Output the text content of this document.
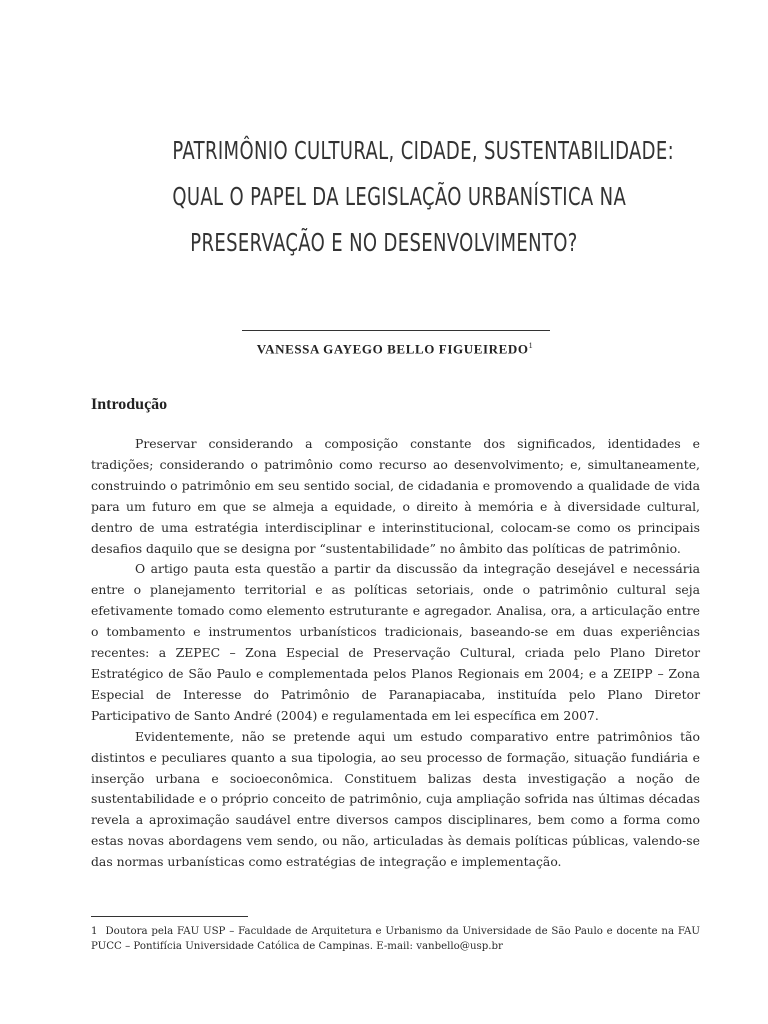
PATRIMÔNIO CULTURAL, CIDADE, SUSTENTABILIDADE:
QUAL O PAPEL DA LEGISLAÇÃO URBANÍSTICA NA
PRESERVAÇÃO E NO DESENVOLVIMENTO?
VANESSA GAYEGO BELLO FIGUEIREDO$^1$
Introdução

Preservar considerando a composição constante dos significados, identidades e tradições; considerando o patrimônio como recurso ao desenvolvimento; e, simultaneamente, construindo o patrimônio em seu sentido social, de cidadania e promovendo a qualidade de vida para um futuro em que se almeja a equidade, o direito à memória e à diversidade cultural, dentro de uma estratégia interdisciplinar e interinstitucional, colocam-se como os principais desafios daquilo que se designa por “sustentabilidade” no âmbito das políticas de patrimônio.

O artigo pauta esta questão a partir da discussão da integração desejável e necessária entre o planejamento territorial e as políticas setoriais, onde o patrimônio cultural seja efetivamente tomado como elemento estruturante e agregador. Analisa, ora, a articulação entre o tombamento e instrumentos urbanísticos tradicionais, baseando-se em duas experiências recentes: a ZEPEC – Zona Especial de Preservação Cultural, criada pelo Plano Diretor Estratégico de São Paulo e complementada pelos Planos Regionais em 2004; e a ZEIPP – Zona Especial de Interesse do Patrimônio de Paranapiacaba, instituída pelo Plano Diretor Participativo de Santo André (2004) e regulamentada em lei específica em 2007.

Evidentemente, não se pretende aqui um estudo comparativo entre patrimônios tão distintos e peculiares quanto a sua tipologia, ao seu processo de formação, situação fundiária e inserção urbana e socioeconômica. Constituem balizas desta investigação a noção de sustentabilidade e o próprio conceito de patrimônio, cuja ampliação sofrida nas últimas décadas revela a aproximação saudável entre diversos campos disciplinares, bem como a forma como estas novas abordagens vem sendo, ou não, articuladas às demais políticas públicas, valendo-se das normas urbanísticas como estratégias de integração e implementação.

1 Doutora pela FAU USP – Faculdade de Arquitetura e Urbanismo da Universidade de São Paulo e docente na FAU PUCC – Pontifícia Universidade Católica de Campinas. E-mail: vanbello@usp.br
